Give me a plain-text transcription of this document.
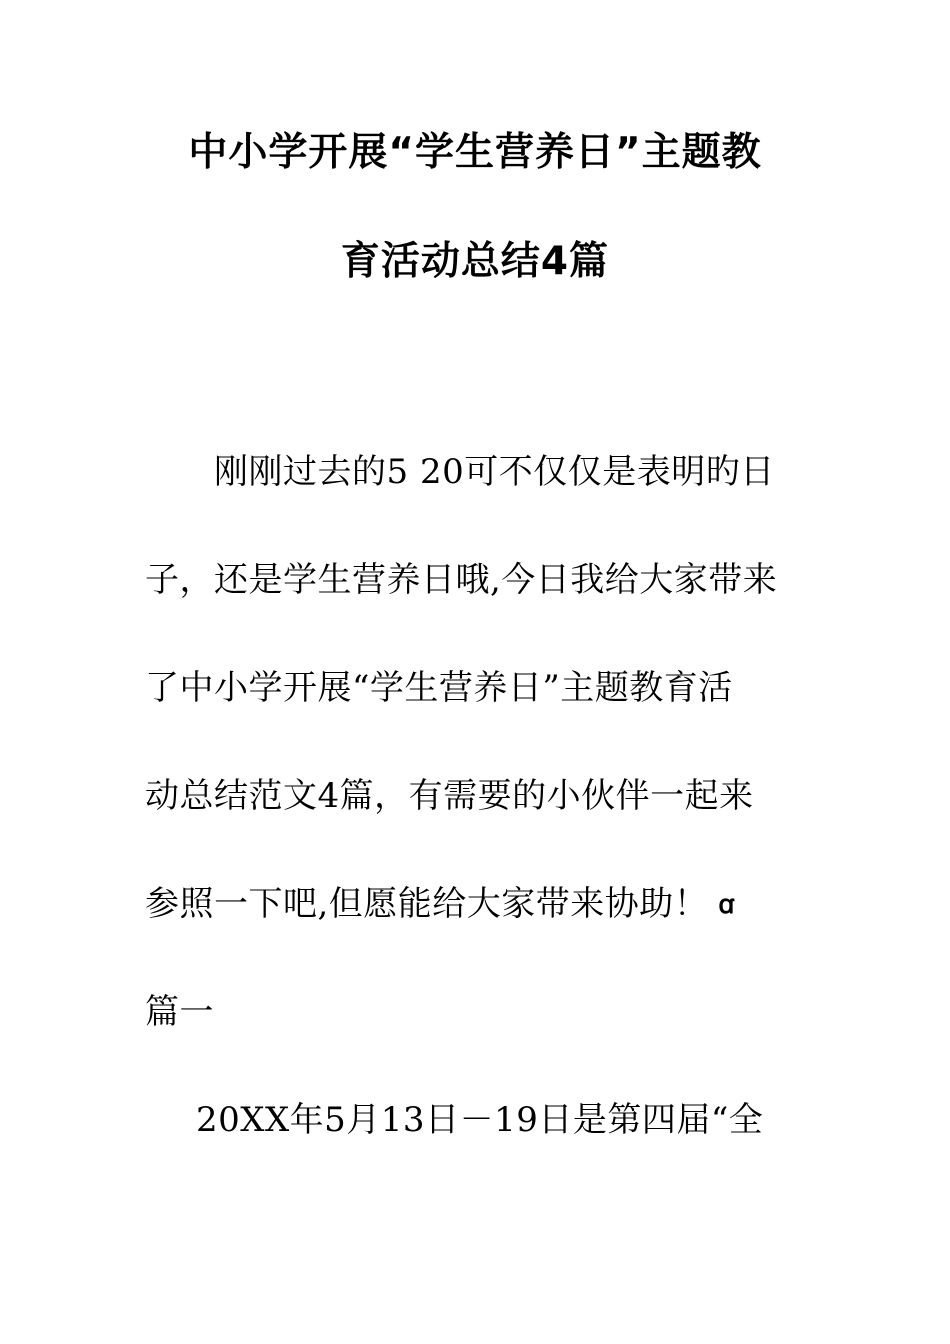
中小学开展“学生营养日”主题教
育活动总结4篇
刚刚过去的5 20可不仅仅是表明旳日
子，还是学生营养日哦,今日我给大家带来
了中小学开展“学生营养日”主题教育活
动总结范文4篇，有需要的小伙伴一起来
参照一下吧,但愿能给大家带来协助！ ꭤ
篇一
20XX年5月13日－19日是第四届“全
